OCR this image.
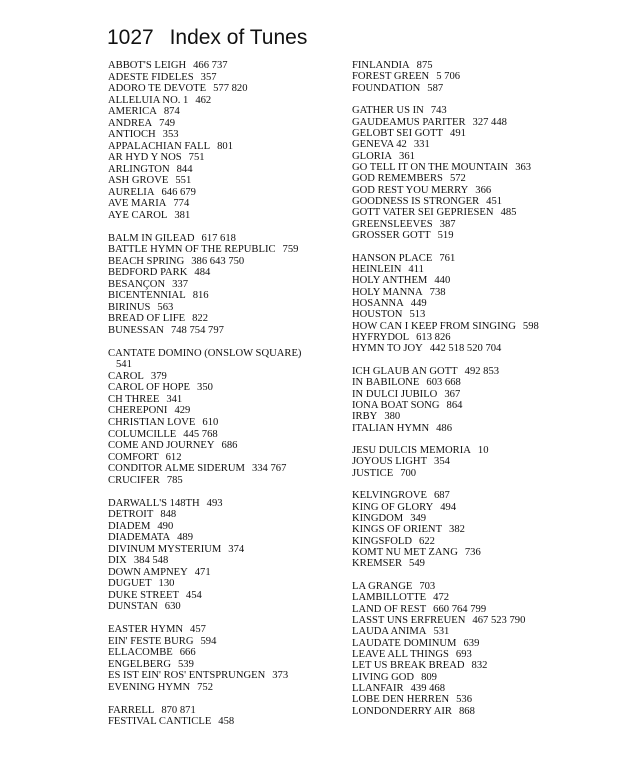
1027 Index of Tunes
ABBOT'S LEIGH 466 737
ADESTE FIDELES 357
ADORO TE DEVOTE 577 820
ALLELUIA NO. 1 462
AMERICA 874
ANDREA 749
ANTIOCH 353
APPALACHIAN FALL 801
AR HYD Y NOS 751
ARLINGTON 844
ASH GROVE 551
AURELIA 646 679
AVE MARIA 774
AYE CAROL 381
BALM IN GILEAD 617 618
BATTLE HYMN OF THE REPUBLIC 759
BEACH SPRING 386 643 750
BEDFORD PARK 484
BESANÇON 337
BICENTENNIAL 816
BIRINUS 563
BREAD OF LIFE 822
BUNESSAN 748 754 797
CANTATE DOMINO (ONSLOW SQUARE)
541
CAROL 379
CAROL OF HOPE 350
CH THREE 341
CHEREPONI 429
CHRISTIAN LOVE 610
COLUMCILLE 445 768
COME AND JOURNEY 686
COMFORT 612
CONDITOR ALME SIDERUM 334 767
CRUCIFER 785
DARWALL'S 148TH 493
DETROIT 848
DIADEM 490
DIADEMATA 489
DIVINUM MYSTERIUM 374
DIX 384 548
DOWN AMPNEY 471
DUGUET 130
DUKE STREET 454
DUNSTAN 630
EASTER HYMN 457
EIN' FESTE BURG 594
ELLACOMBE 666
ENGELBERG 539
ES IST EIN' ROS' ENTSPRUNGEN 373
EVENING HYMN 752
FARRELL 870 871
FESTIVAL CANTICLE 458
FINLANDIA 875
FOREST GREEN 5 706
FOUNDATION 587
GATHER US IN 743
GAUDEAMUS PARITER 327 448
GELOBT SEI GOTT 491
GENEVA 42 331
GLORIA 361
GO TELL IT ON THE MOUNTAIN 363
GOD REMEMBERS 572
GOD REST YOU MERRY 366
GOODNESS IS STRONGER 451
GOTT VATER SEI GEPRIESEN 485
GREENSLEEVES 387
GROSSER GOTT 519
HANSON PLACE 761
HEINLEIN 411
HOLY ANTHEM 440
HOLY MANNA 738
HOSANNA 449
HOUSTON 513
HOW CAN I KEEP FROM SINGING 598
HYFRYDOL 613 826
HYMN TO JOY 442 518 520 704
ICH GLAUB AN GOTT 492 853
IN BABILONE 603 668
IN DULCI JUBILO 367
IONA BOAT SONG 864
IRBY 380
ITALIAN HYMN 486
JESU DULCIS MEMORIA 10
JOYOUS LIGHT 354
JUSTICE 700
KELVINGROVE 687
KING OF GLORY 494
KINGDOM 349
KINGS OF ORIENT 382
KINGSFOLD 622
KOMT NU MET ZANG 736
KREMSER 549
LA GRANGE 703
LAMBILLOTTE 472
LAND OF REST 660 764 799
LASST UNS ERFREUEN 467 523 790
LAUDA ANIMA 531
LAUDATE DOMINUM 639
LEAVE ALL THINGS 693
LET US BREAK BREAD 832
LIVING GOD 809
LLANFAIR 439 468
LOBE DEN HERREN 536
LONDONDERRY AIR 868
